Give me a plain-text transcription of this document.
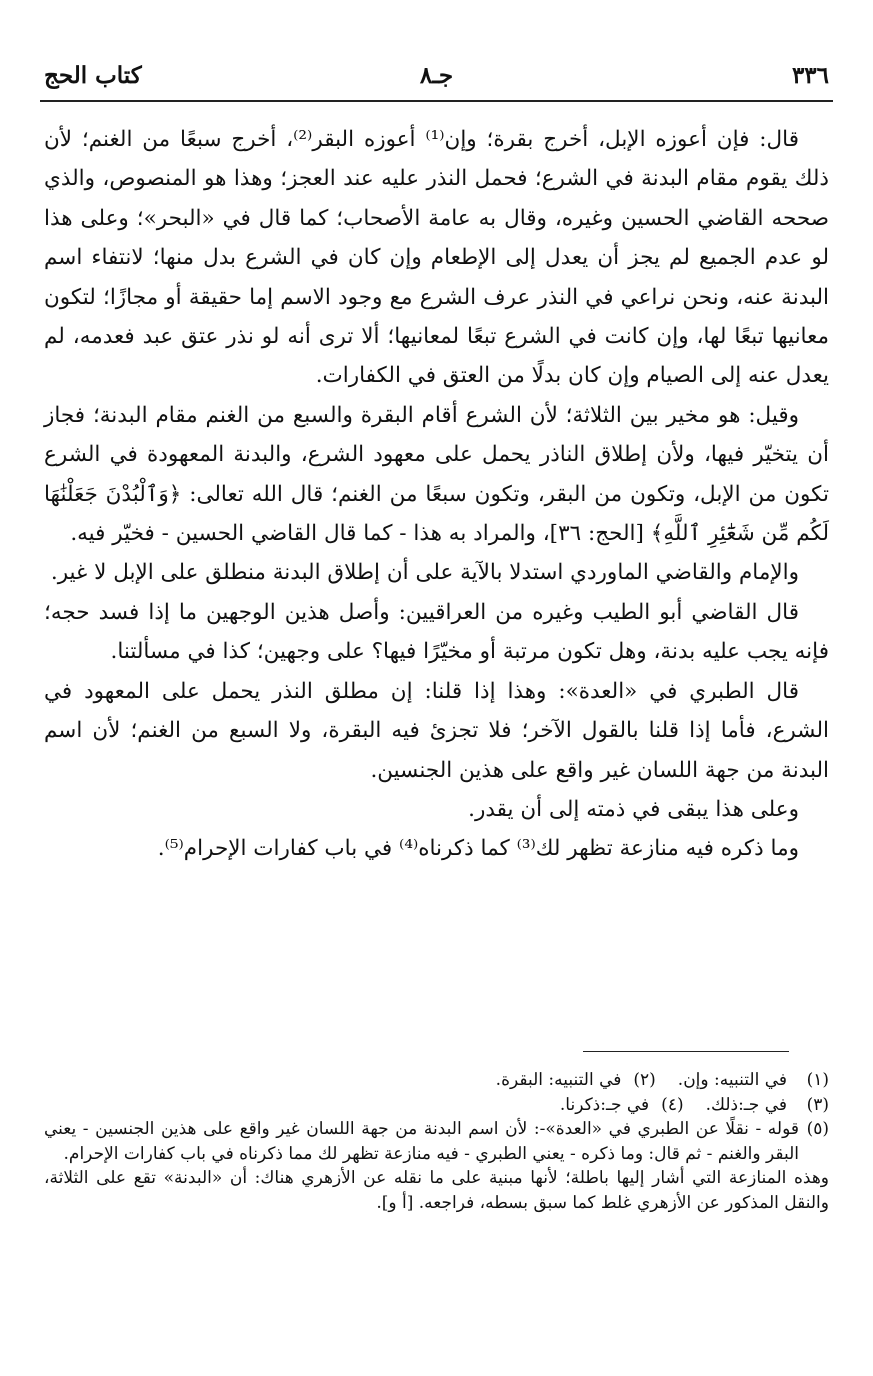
٣٣٦
جـ٨
كتاب الحج

قال: فإن أعوزه الإبل، أخرج بقرة؛ وإن⁽¹⁾ أعوزه البقر⁽²⁾، أخرج سبعًا من الغنم؛ لأن ذلك يقوم مقام البدنة في الشرع؛ فحمل النذر عليه عند العجز؛ وهذا هو المنصوص، والذي صححه القاضي الحسين وغيره، وقال به عامة الأصحاب؛ كما قال في «البحر»؛ وعلى هذا لو عدم الجميع لم يجز أن يعدل إلى الإطعام وإن كان في الشرع بدل منها؛ لانتفاء اسم البدنة عنه، ونحن نراعي في النذر عرف الشرع مع وجود الاسم إما حقيقة أو مجازًا؛ لتكون معانيها تبعًا لها، وإن كانت في الشرع تبعًا لمعانيها؛ ألا ترى أنه لو نذر عتق عبد فعدمه، لم يعدل عنه إلى الصيام وإن كان بدلًا من العتق في الكفارات.

وقيل: هو مخير بين الثلاثة؛ لأن الشرع أقام البقرة والسبع من الغنم مقام البدنة؛ فجاز أن يتخيّر فيها، ولأن إطلاق الناذر يحمل على معهود الشرع، والبدنة المعهودة في الشرع تكون من الإبل، وتكون من البقر، وتكون سبعًا من الغنم؛ قال الله تعالى: ﴿وَٱلْبُدْنَ جَعَلْنَٰهَا لَكُم مِّن شَعَٰٓئِرِ ٱللَّهِ﴾ [الحج: ٣٦]، والمراد به هذا - كما قال القاضي الحسين - فخيّر فيه.

والإمام والقاضي الماوردي استدلا بالآية على أن إطلاق البدنة منطلق على الإبل لا غير.

قال القاضي أبو الطيب وغيره من العراقيين: وأصل هذين الوجهين ما إذا فسد حجه؛ فإنه يجب عليه بدنة، وهل تكون مرتبة أو مخيّرًا فيها؟ على وجهين؛ كذا في مسألتنا.

قال الطبري في «العدة»: وهذا إذا قلنا: إن مطلق النذر يحمل على المعهود في الشرع، فأما إذا قلنا بالقول الآخر؛ فلا تجزئ فيه البقرة، ولا السبع من الغنم؛ لأن اسم البدنة من جهة اللسان غير واقع على هذين الجنسين.

وعلى هذا يبقى في ذمته إلى أن يقدر.

وما ذكره فيه منازعة تظهر لك⁽³⁾ كما ذكرناه⁽⁴⁾ في باب كفارات الإحرام⁽⁵⁾.

(١)
في التنبيه: وإن.
(٢)
في التنبيه: البقرة.
(٣)
في جـ:ذلك.
(٤)
في جـ:ذكرنا.
(٥)
قوله - نقلًا عن الطبري في «العدة»-: لأن اسم البدنة من جهة اللسان غير واقع على هذين الجنسين - يعني البقر والغنم - ثم قال: وما ذكره - يعني الطبري - فيه منازعة تظهر لك مما ذكرناه في باب كفارات الإحرام.
وهذه المنازعة التي أشار إليها باطلة؛ لأنها مبنية على ما نقله عن الأزهري هناك: أن «البدنة» تقع على الثلاثة، والنقل المذكور عن الأزهري غلط كما سبق بسطه، فراجعه. [أ و].
